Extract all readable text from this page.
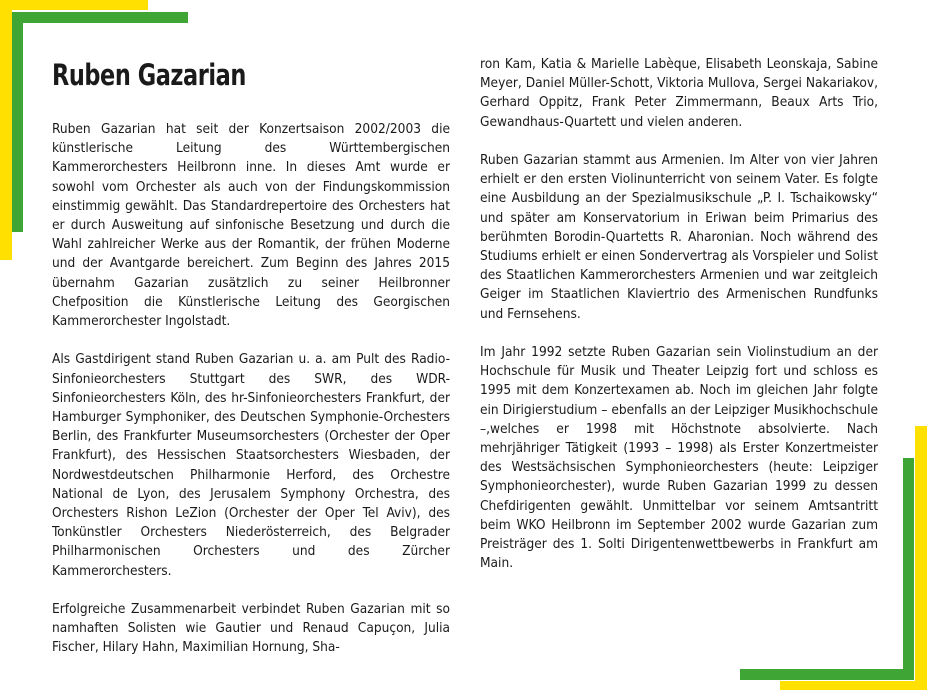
Ruben Gazarian

Ruben Gazarian hat seit der Konzertsaison 2002/2003 die künstlerische Leitung des Württembergischen Kammerorchesters Heilbronn inne. In dieses Amt wurde er sowohl vom Orchester als auch von der Findungskommission einstimmig gewählt. Das Standardrepertoire des Orchesters hat er durch Ausweitung auf sinfonische Besetzung und durch die Wahl zahlreicher Werke aus der Romantik, der frühen Moderne und der Avantgarde bereichert. Zum Beginn des Jahres 2015 übernahm Gazarian zusätzlich zu seiner Heilbronner Chefposition die Künstlerische Leitung des Georgischen Kammerorchester Ingolstadt.

Als Gastdirigent stand Ruben Gazarian u. a. am Pult des Radio-Sinfonieorchesters Stuttgart des SWR, des WDR-Sinfonieorchesters Köln, des hr-Sinfonieorchesters Frankfurt, der Hamburger Symphoniker, des Deutschen Symphonie-Orchesters Berlin, des Frankfurter Museumsorchesters (Orchester der Oper Frankfurt), des Hessischen Staatsorchesters Wiesbaden, der Nordwestdeutschen Philharmonie Herford, des Orchestre National de Lyon, des Jerusalem Symphony Orchestra, des Orchesters Rishon LeZion (Orchester der Oper Tel Aviv), des Tonkünstler Orchesters Niederösterreich, des Belgrader Philharmonischen Orchesters und des Zürcher Kammerorchesters.

Erfolgreiche Zusammenarbeit verbindet Ruben Gazarian mit so namhaften Solisten wie Gautier und Renaud Capuçon, Julia Fischer, Hilary Hahn, Maximilian Hornung, Sha-

ron Kam, Katia & Marielle Labèque, Elisabeth Leonskaja, Sabine Meyer, Daniel Müller-Schott, Viktoria Mullova, Sergei Nakariakov, Gerhard Oppitz, Frank Peter Zimmermann, Beaux Arts Trio, Gewandhaus-Quartett und vielen anderen.

Ruben Gazarian stammt aus Armenien. Im Alter von vier Jahren erhielt er den ersten Violinunterricht von seinem Vater. Es folgte eine Ausbildung an der Spezialmusikschule „P. I. Tschaikowsky“ und später am Konservatorium in Eriwan beim Primarius des berühmten Borodin-Quartetts R. Aharonian. Noch während des Studiums erhielt er einen Sondervertrag als Vorspieler und Solist des Staatlichen Kammerorchesters Armenien und war zeitgleich Geiger im Staatlichen Klaviertrio des Armenischen Rundfunks und Fernsehens.

Im Jahr 1992 setzte Ruben Gazarian sein Violinstudium an der Hochschule für Musik und Theater Leipzig fort und schloss es 1995 mit dem Konzertexamen ab. Noch im gleichen Jahr folgte ein Dirigierstudium – ebenfalls an der Leipziger Musikhochschule –,welches er 1998 mit Höchstnote absolvierte. Nach mehrjähriger Tätigkeit (1993 – 1998) als Erster Konzertmeister des Westsächsischen Symphonieorchesters (heute: Leipziger Symphonieorchester), wurde Ruben Gazarian 1999 zu dessen Chefdirigenten gewählt. Unmittelbar vor seinem Amtsantritt beim WKO Heilbronn im September 2002 wurde Gazarian zum Preisträger des 1. Solti Dirigentenwettbewerbs in Frankfurt am Main.
